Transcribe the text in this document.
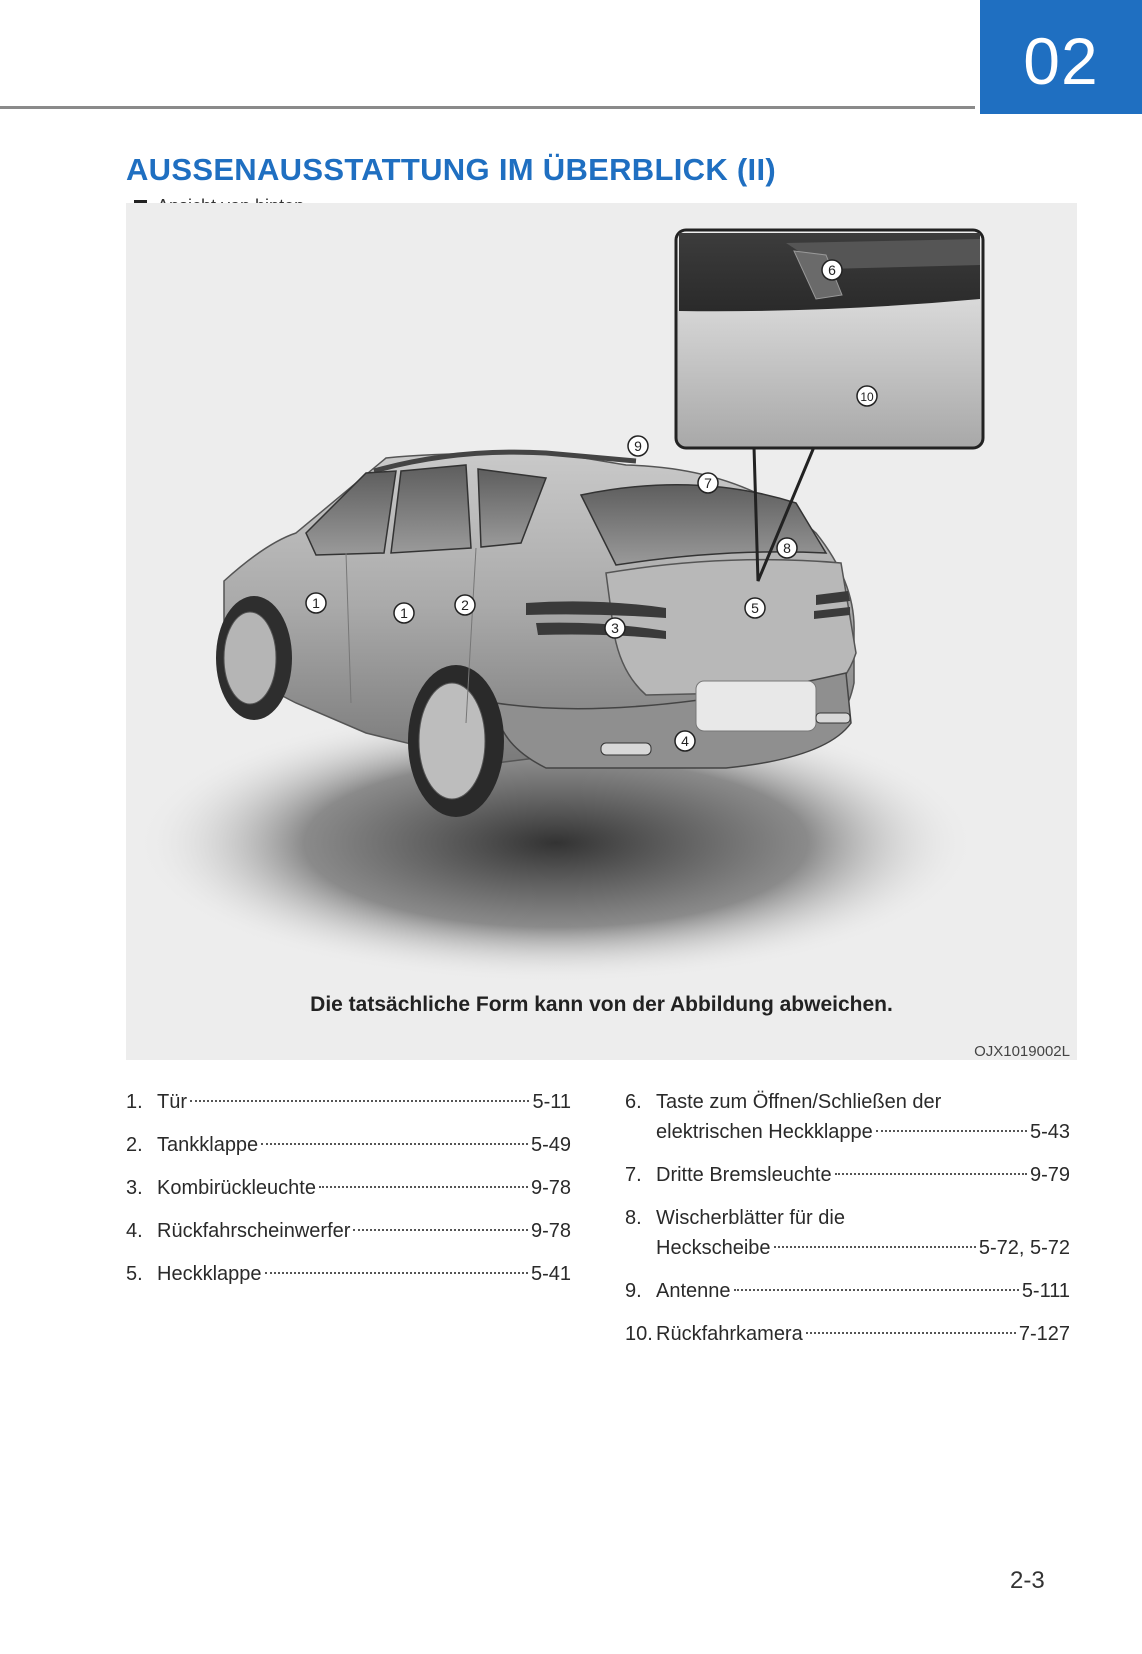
02
AUSSENAUSSTATTUNG IM ÜBERBLICK (II)
6
10
9
7
8
1
1	2
3
5
4
Die tatsächliche Form kann von der Abbildung abweichen.
OJX1019002L
1. Tür	5-11
2. Tankklappe	5-49
3. Kombirückleuchte	9-78
4. Rückfahrscheinwerfer	9-78
5. Heckklappe	5-41
6. Taste zum Öffnen/Schließen der
elektrischen Heckklappe	5-43
7. Dritte Bremsleuchte	9-79
8. Wischerblätter für die
Heckscheibe	5-72, 5-72
9. Antenne	5-111
10. Rückfahrkamera	7-127
2-3
